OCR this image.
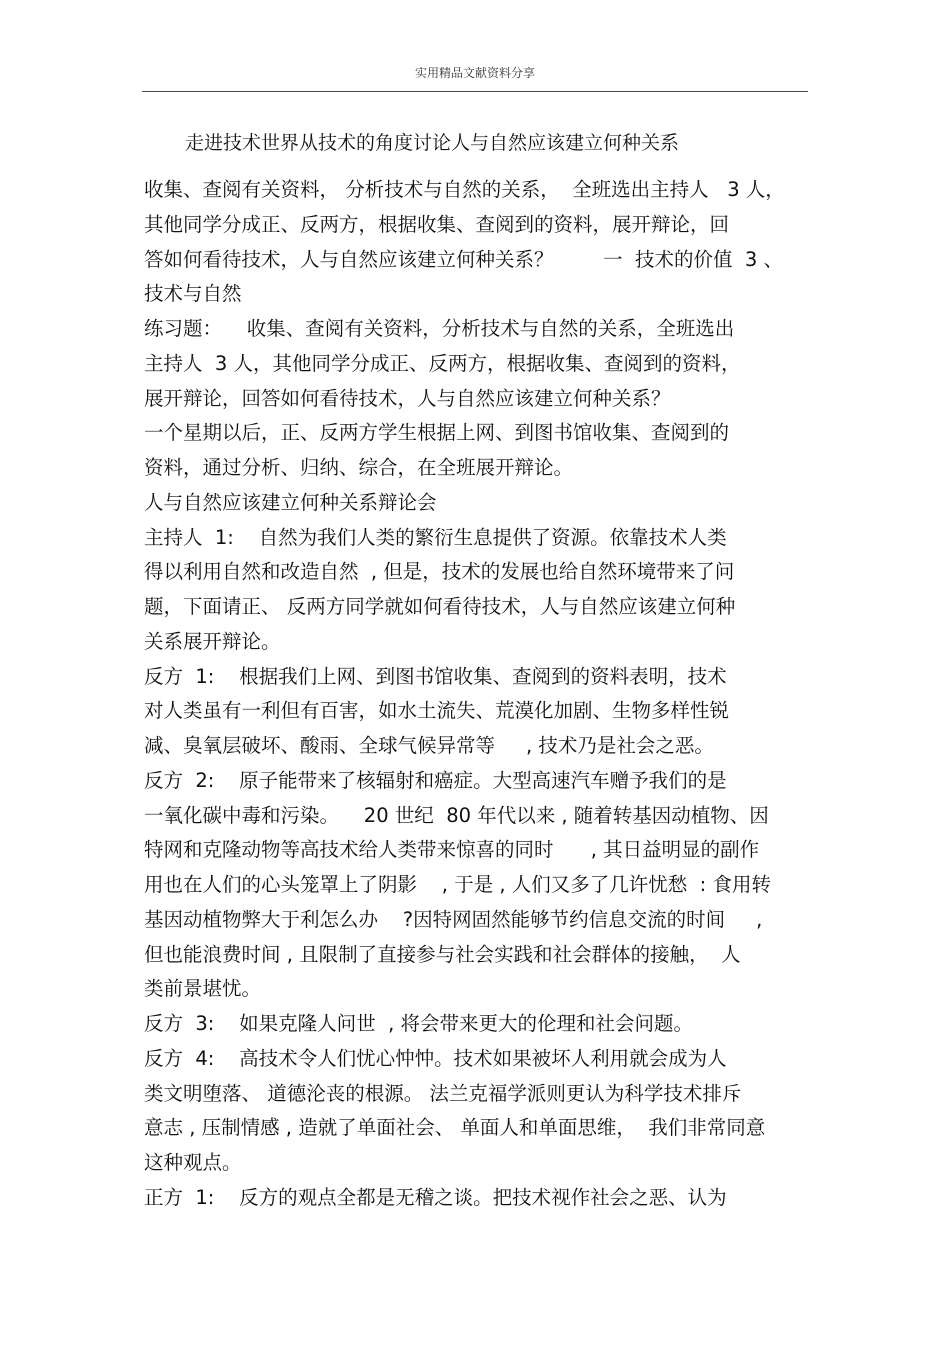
实用精品文献资料分享
走进技术世界从技术的角度讨论人与自然应该建立何种关系
收集、查阅有关资料， 分析技术与自然的关系，  全班选出主持人   3 人，
其他同学分成正、反两方，根据收集、查阅到的资料，展开辩论，回
答如何看待技术，人与自然应该建立何种关系？        一  技术的价值  3 、
技术与自然
练习题：    收集、查阅有关资料，分析技术与自然的关系，全班选出
主持人  3 人，其他同学分成正、反两方，根据收集、查阅到的资料，
展开辩论，回答如何看待技术，人与自然应该建立何种关系？
一个星期以后，正、反两方学生根据上网、到图书馆收集、查阅到的
资料，通过分析、归纳、综合，在全班展开辩论。
人与自然应该建立何种关系辩论会
主持人  1:    自然为我们人类的繁衍生息提供了资源。依靠技术人类
得以利用自然和改造自然  , 但是，技术的发展也给自然环境带来了问
题，下面请正、 反两方同学就如何看待技术，人与自然应该建立何种
关系展开辩论。
反方  1:    根据我们上网、到图书馆收集、查阅到的资料表明，技术
对人类虽有一利但有百害，如水土流失、荒漠化加剧、生物多样性锐
减、臭氧层破坏、酸雨、全球气候异常等     , 技术乃是社会之恶。
反方  2:    原子能带来了核辐射和癌症。大型高速汽车赠予我们的是
一氧化碳中毒和污染。    20 世纪  80 年代以来 , 随着转基因动植物、因
特网和克隆动物等高技术给人类带来惊喜的同时      , 其日益明显的副作
用也在人们的心头笼罩上了阴影    , 于是 , 人们又多了几许忧愁  : 食用转
基因动植物弊大于利怎么办    ?因特网固然能够节约信息交流的时间     ,
但也能浪费时间 , 且限制了直接参与社会实践和社会群体的接触，  人
类前景堪忧。
反方  3:    如果克隆人问世  , 将会带来更大的伦理和社会问题。
反方  4:    高技术令人们忧心忡忡。技术如果被坏人利用就会成为人
类文明堕落、 道德沦丧的根源。 法兰克福学派则更认为科学技术排斥
意志 , 压制情感 , 造就了单面社会、 单面人和单面思维，  我们非常同意
这种观点。
正方  1:    反方的观点全都是无稽之谈。把技术视作社会之恶、认为
